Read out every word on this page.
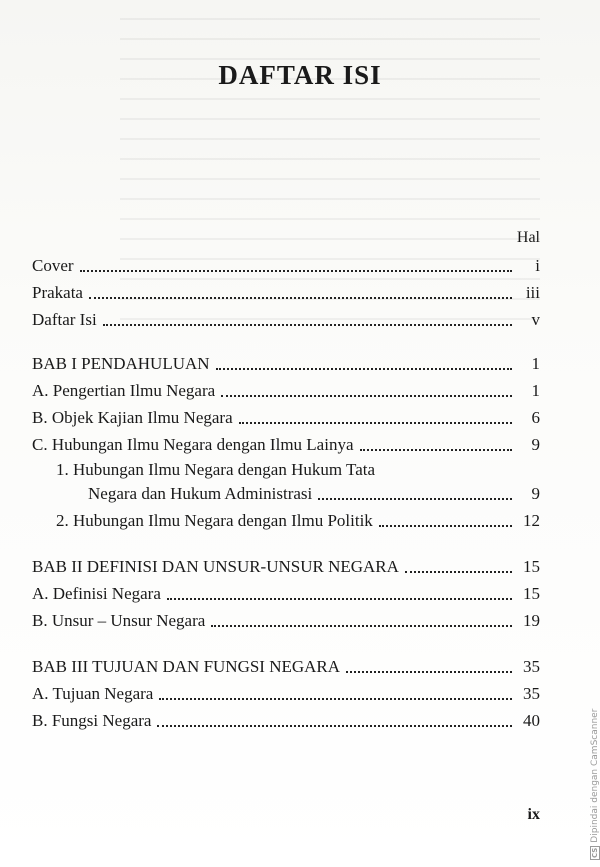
DAFTAR ISI
Hal
Cover	i
Prakata	iii
Daftar Isi	v
BAB I PENDAHULUAN	1
A. Pengertian Ilmu Negara	1
B. Objek Kajian Ilmu Negara	6
C. Hubungan Ilmu Negara dengan Ilmu Lainya	9
1. Hubungan Ilmu Negara dengan Hukum Tata
Negara dan Hukum Administrasi	9
2. Hubungan Ilmu Negara dengan Ilmu Politik	12
BAB II DEFINISI DAN UNSUR-UNSUR NEGARA	15
A. Definisi Negara	15
B. Unsur – Unsur Negara	19
BAB III TUJUAN DAN FUNGSI NEGARA	35
A. Tujuan Negara	35
B. Fungsi Negara	40
ix
CSDipindai dengan CamScanner
